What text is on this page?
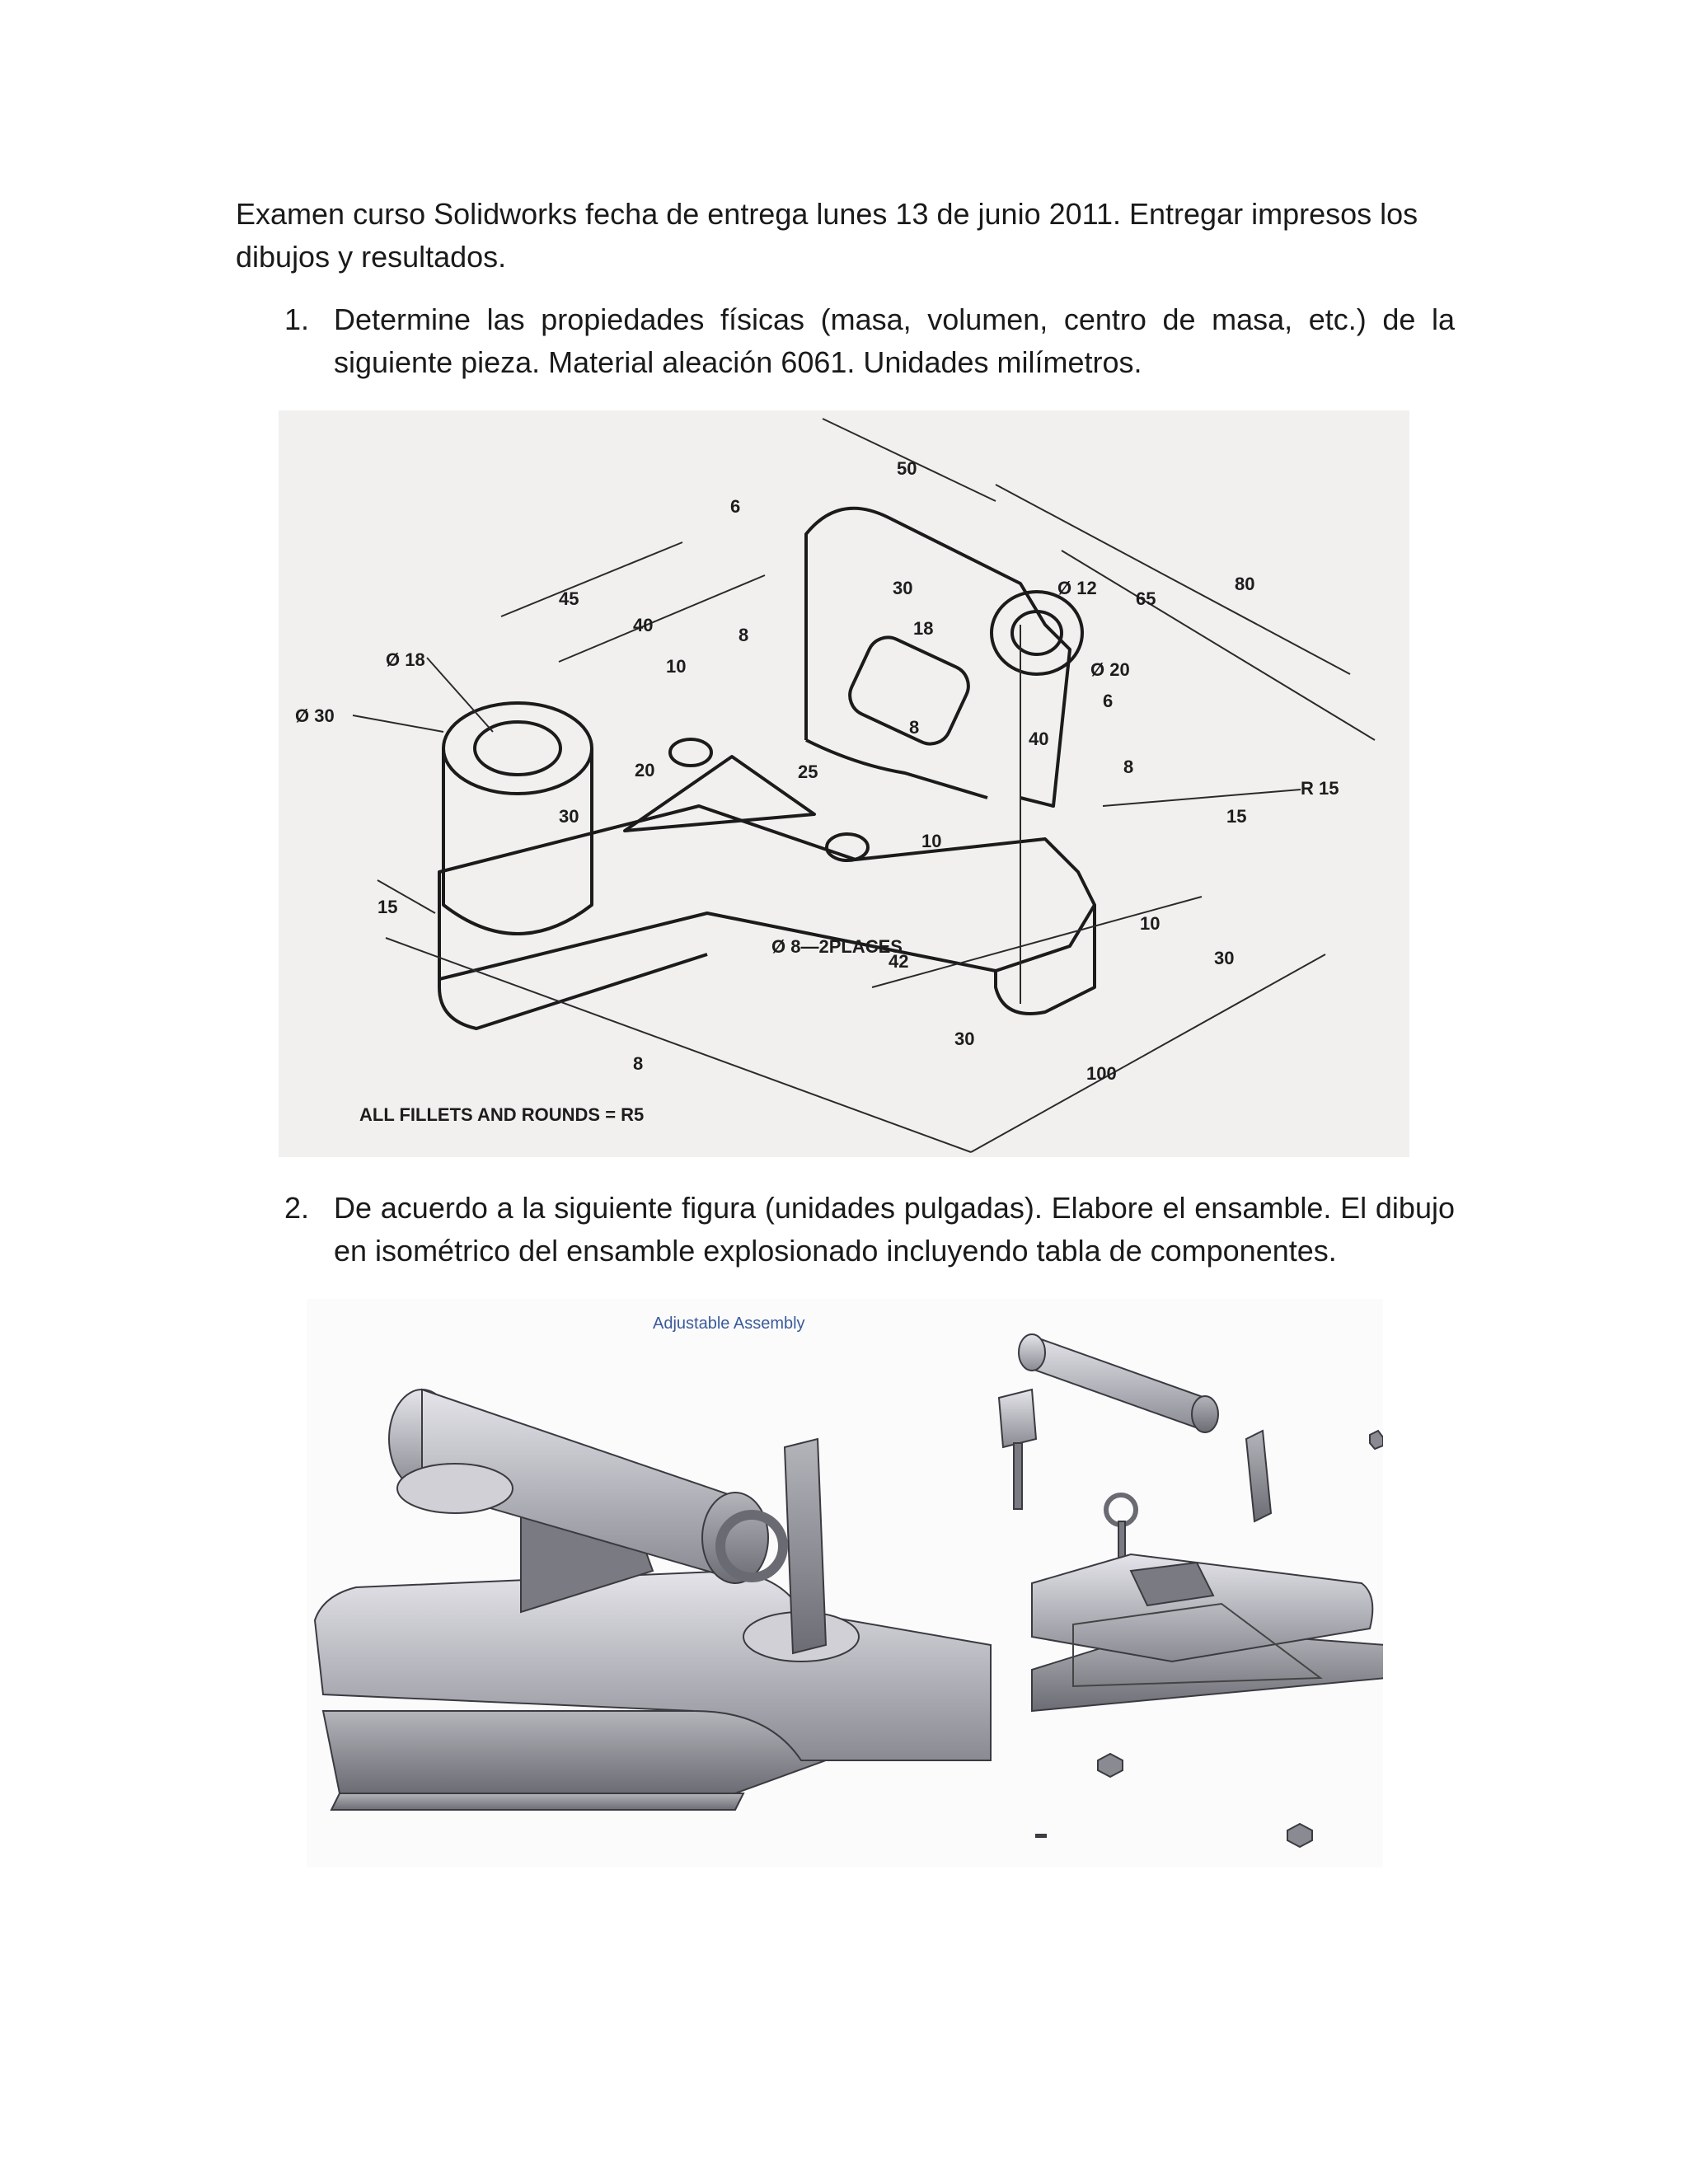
Examen curso Solidworks fecha de entrega lunes 13 de junio 2011. Entregar impresos los dibujos y resultados.

1. Determine las propiedades físicas (masa, volumen, centro de masa, etc.) de la siguiente pieza. Material aleación 6061. Unidades milímetros.
50
6
30	Ø 12
65
80
45
40	18
8
Ø 18	10	Ø 20
6
Ø 30
8
40
20	25	8
R 15
15
30
10
15
Ø 8—2PLACES
42
10
30
30
8	100
ALL FILLETS AND ROUNDS = R5
2. De acuerdo a la siguiente figura (unidades pulgadas). Elabore el ensamble. El dibujo en isométrico del ensamble explosionado incluyendo tabla de componentes.
Adjustable Assembly
